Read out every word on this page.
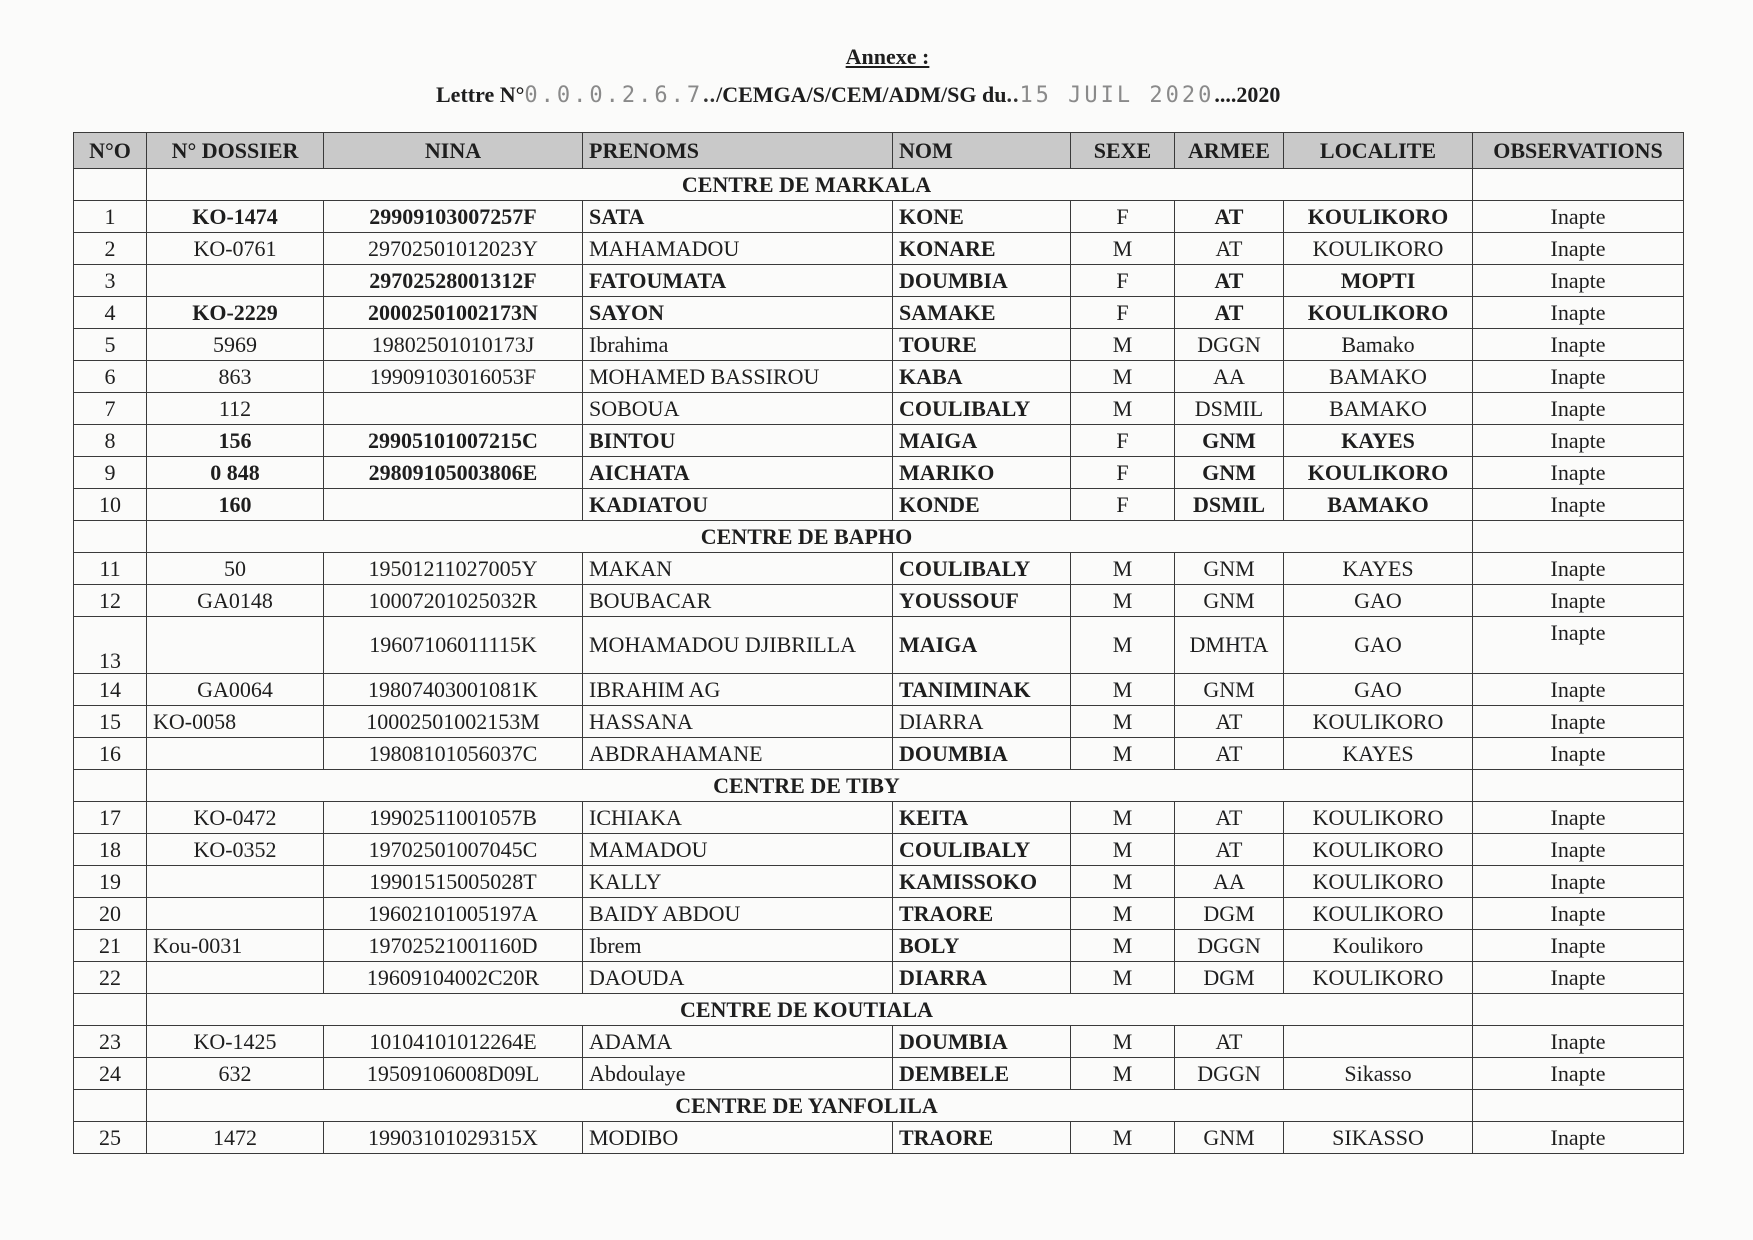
Annexe :
Lettre N°0.0.0.2.6.7../CEMGA/S/CEM/ADM/SG du..15 JUIL 2020....2020
N°O	N° DOSSIER	NINA	PRENOMS	NOM	SEXE	ARMEE	LOCALITE	OBSERVATIONS
	CENTRE DE MARKALA							
1	KO-1474	29909103007257F	SATA	KONE	F	AT	KOULIKORO	Inapte
2	KO-0761	29702501012023Y	MAHAMADOU	KONARE	M	AT	KOULIKORO	Inapte
3		29702528001312F	FATOUMATA	DOUMBIA	F	AT	MOPTI	Inapte
4	KO-2229	20002501002173N	SAYON	SAMAKE	F	AT	KOULIKORO	Inapte
5	5969	19802501010173J	Ibrahima	TOURE	M	DGGN	Bamako	Inapte
6	863	19909103016053F	MOHAMED BASSIROU	KABA	M	AA	BAMAKO	Inapte
7	112		SOBOUA	COULIBALY	M	DSMIL	BAMAKO	Inapte
8	156	29905101007215C	BINTOU	MAIGA	F	GNM	KAYES	Inapte
9	0 848	29809105003806E	AICHATA	MARIKO	F	GNM	KOULIKORO	Inapte
10	160		KADIATOU	KONDE	F	DSMIL	BAMAKO	Inapte
	CENTRE DE BAPHO							
11	50	19501211027005Y	MAKAN	COULIBALY	M	GNM	KAYES	Inapte
12	GA0148	10007201025032R	BOUBACAR	YOUSSOUF	M	GNM	GAO	Inapte
13		19607106011115K	MOHAMADOU DJIBRILLA	MAIGA	M	DMHTA	GAO	Inapte
14	GA0064	19807403001081K	IBRAHIM AG	TANIMINAK	M	GNM	GAO	Inapte
15	KO-0058	10002501002153M	HASSANA	DIARRA	M	AT	KOULIKORO	Inapte
16		19808101056037C	ABDRAHAMANE	DOUMBIA	M	AT	KAYES	Inapte
	CENTRE DE TIBY							
17	KO-0472	19902511001057B	ICHIAKA	KEITA	M	AT	KOULIKORO	Inapte
18	KO-0352	19702501007045C	MAMADOU	COULIBALY	M	AT	KOULIKORO	Inapte
19		19901515005028T	KALLY	KAMISSOKO	M	AA	KOULIKORO	Inapte
20		19602101005197A	BAIDY ABDOU	TRAORE	M	DGM	KOULIKORO	Inapte
21	Kou-0031	19702521001160D	Ibrem	BOLY	M	DGGN	Koulikoro	Inapte
22		19609104002C20R	DAOUDA	DIARRA	M	DGM	KOULIKORO	Inapte
	CENTRE DE KOUTIALA							
23	KO-1425	10104101012264E	ADAMA	DOUMBIA	M	AT		Inapte
24	632	19509106008D09L	Abdoulaye	DEMBELE	M	DGGN	Sikasso	Inapte
	CENTRE DE YANFOLILA							
25	1472	19903101029315X	MODIBO	TRAORE	M	GNM	SIKASSO	Inapte
